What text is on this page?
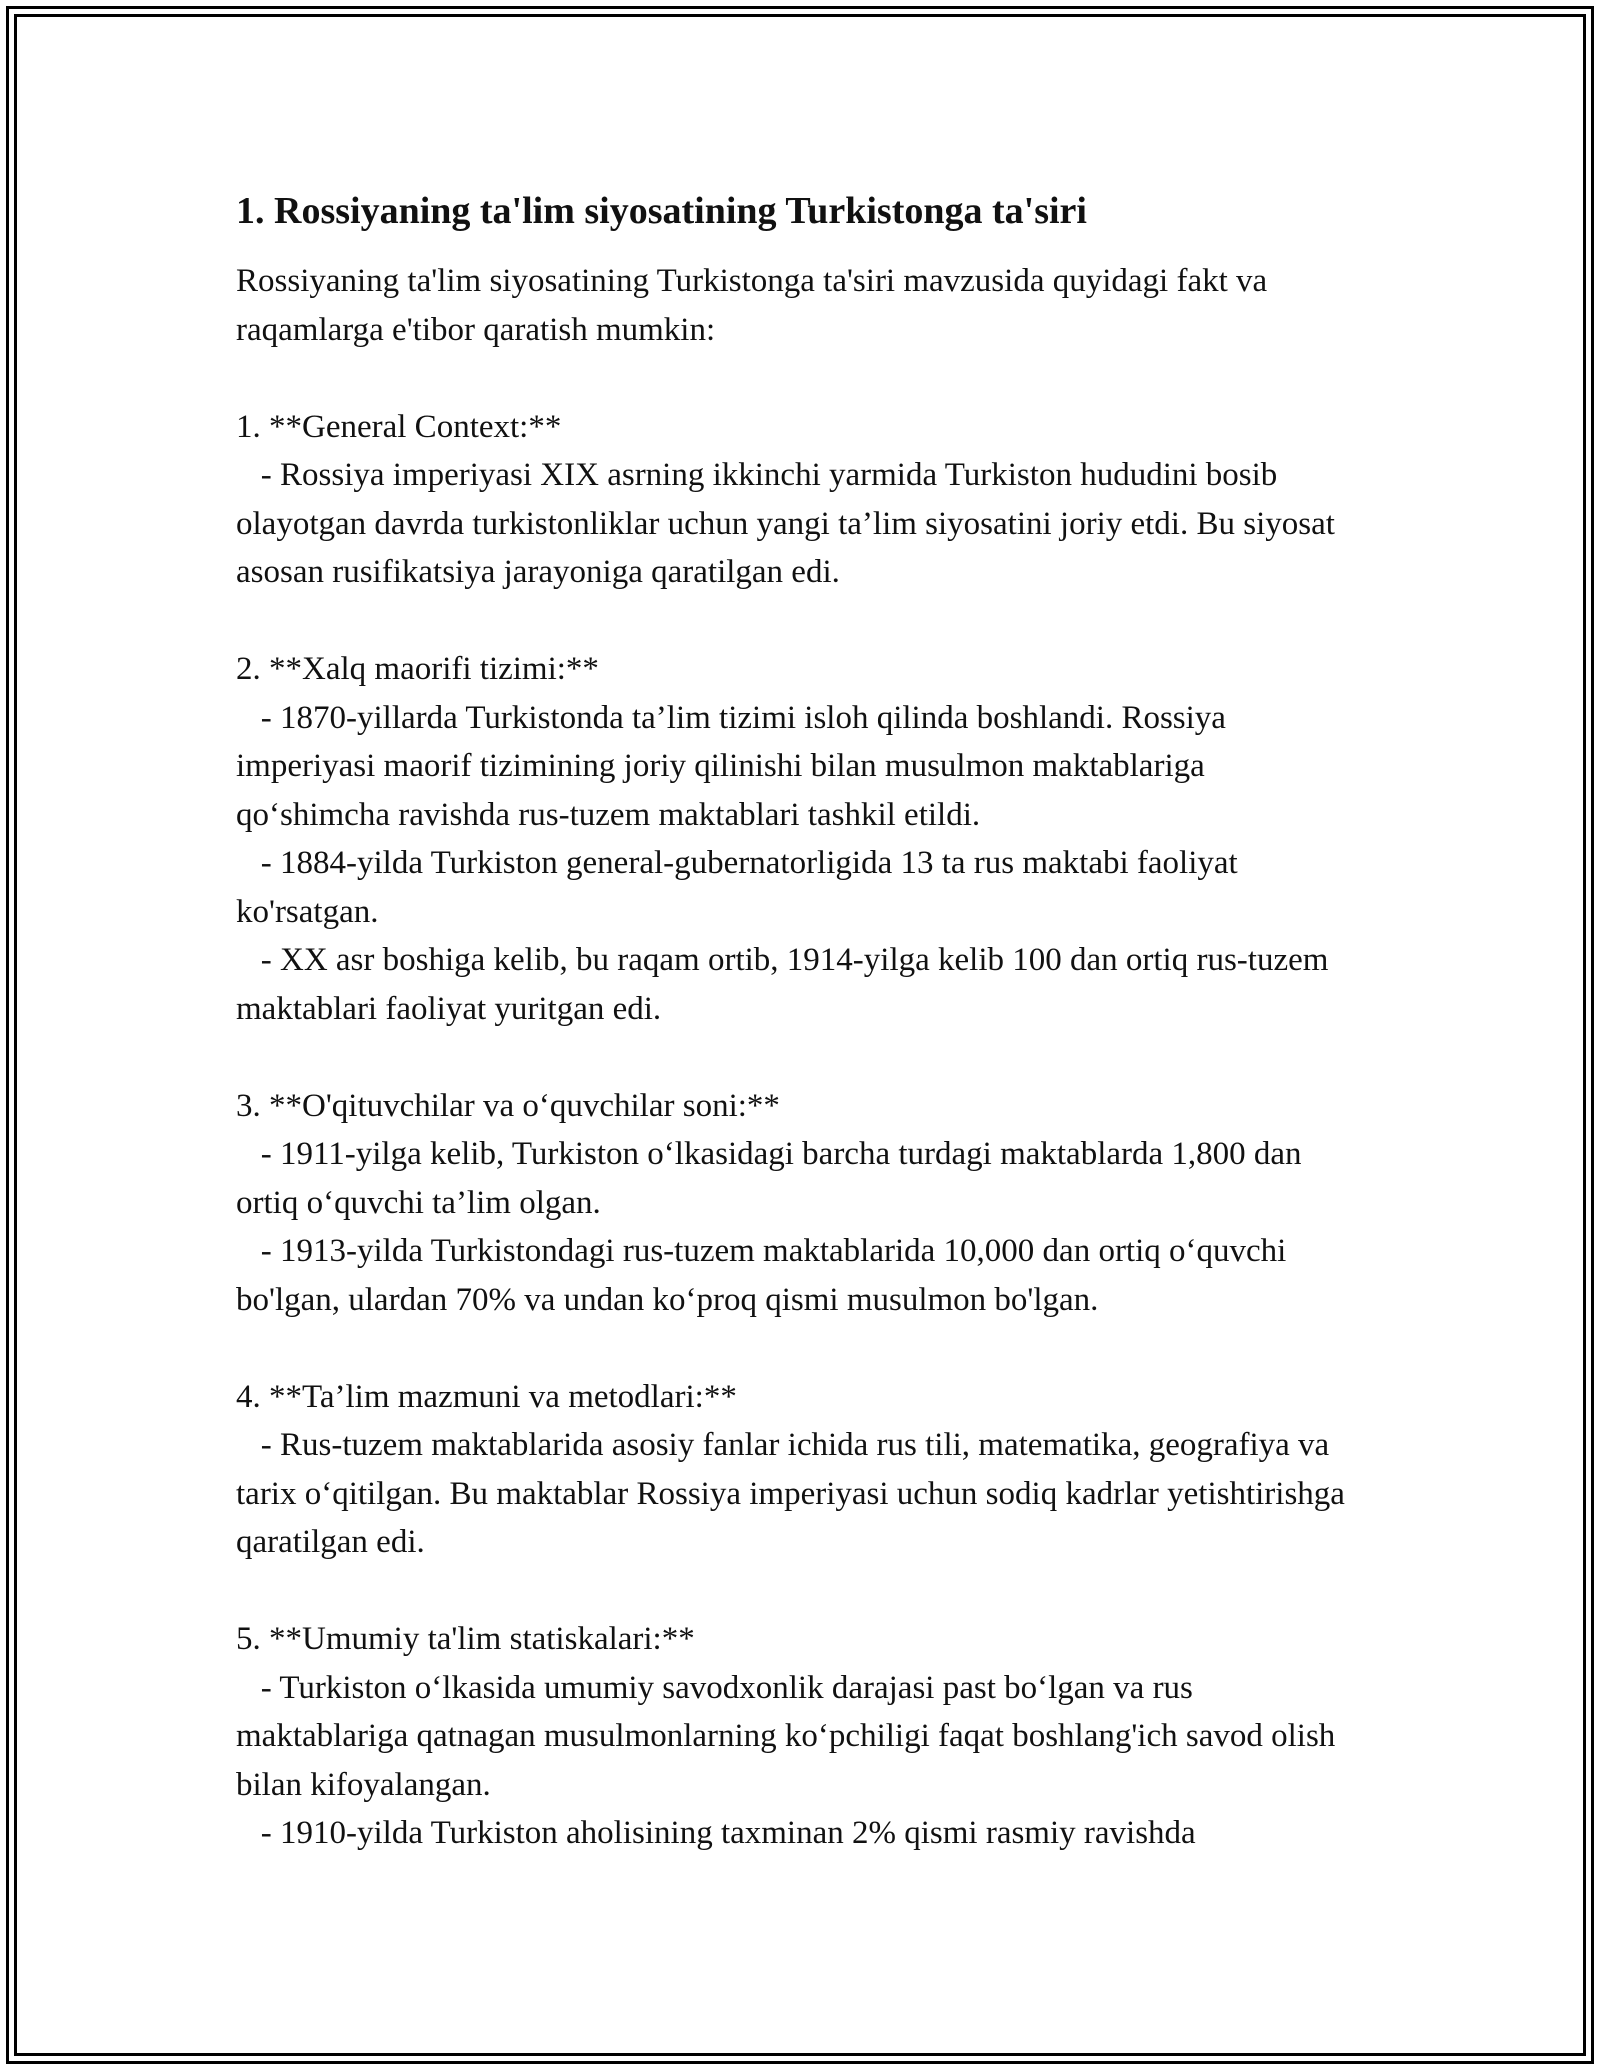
1. Rossiyaning ta'lim siyosatining Turkistonga ta'siri

Rossiyaning ta'lim siyosatining Turkistonga ta'siri mavzusida quyidagi fakt va raqamlarga e'tibor qaratish mumkin:

1. **General Context:**

- Rossiya imperiyasi XIX asrning ikkinchi yarmida Turkiston hududini bosib olayotgan davrda turkistonliklar uchun yangi ta’lim siyosatini joriy etdi. Bu siyosat asosan rusifikatsiya jarayoniga qaratilgan edi.

2. **Xalq maorifi tizimi:**

- 1870-yillarda Turkistonda ta’lim tizimi isloh qilinda boshlandi. Rossiya imperiyasi maorif tizimining joriy qilinishi bilan musulmon maktablariga qo‘shimcha ravishda rus-tuzem maktablari tashkil etildi.

- 1884-yilda Turkiston general-gubernatorligida 13 ta rus maktabi faoliyat ko'rsatgan.

- XX asr boshiga kelib, bu raqam ortib, 1914-yilga kelib 100 dan ortiq rus-tuzem maktablari faoliyat yuritgan edi.

3. **O'qituvchilar va o‘quvchilar soni:**

- 1911-yilga kelib, Turkiston o‘lkasidagi barcha turdagi maktablarda 1,800 dan ortiq o‘quvchi ta’lim olgan.

- 1913-yilda Turkistondagi rus-tuzem maktablarida 10,000 dan ortiq o‘quvchi bo'lgan, ulardan 70% va undan ko‘proq qismi musulmon bo'lgan.

4. **Ta’lim mazmuni va metodlari:**

- Rus-tuzem maktablarida asosiy fanlar ichida rus tili, matematika, geografiya va tarix o‘qitilgan. Bu maktablar Rossiya imperiyasi uchun sodiq kadrlar yetishtirishga qaratilgan edi.

5. **Umumiy ta'lim statiskalari:**

- Turkiston o‘lkasida umumiy savodxonlik darajasi past bo‘lgan va rus maktablariga qatnagan musulmonlarning ko‘pchiligi faqat boshlang'ich savod olish bilan kifoyalangan.

- 1910-yilda Turkiston aholisining taxminan 2% qismi rasmiy ravishda
